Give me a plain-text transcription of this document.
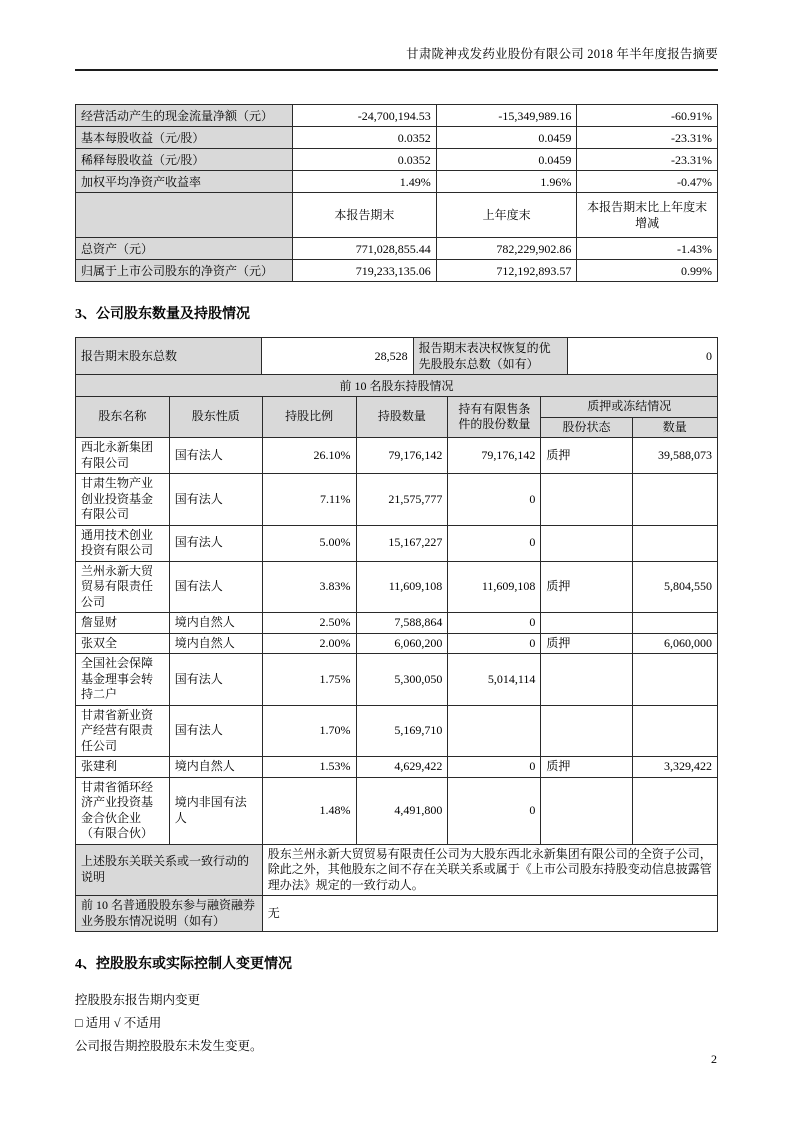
甘肃陇神戎发药业股份有限公司 2018 年半年度报告摘要
经营活动产生的现金流量净额（元）	-24,700,194.53	-15,349,989.16	-60.91%
基本每股收益（元/股）	0.0352	0.0459	-23.31%
稀释每股收益（元/股）	0.0352	0.0459	-23.31%
加权平均净资产收益率	1.49%	1.96%	-0.47%
	本报告期末	上年度末	本报告期末比上年度末增减
总资产（元）	771,028,855.44	782,229,902.86	-1.43%
归属于上市公司股东的净资产（元）	719,233,135.06	712,192,893.57	0.99%
3、公司股东数量及持股情况
报告期末股东总数	28,528	报告期末表决权恢复的优先股股东总数（如有）	0
前 10 名股东持股情况
股东名称	股东性质	持股比例	持股数量	持有有限售条件的股份数量	质押或冻结情况	
					股份状态	数量
西北永新集团有限公司	国有法人	26.10%	79,176,142	79,176,142	质押	39,588,073
甘肃生物产业创业投资基金有限公司	国有法人	7.11%	21,575,777	0		
通用技术创业投资有限公司	国有法人	5.00%	15,167,227	0		
兰州永新大贸贸易有限责任公司	国有法人	3.83%	11,609,108	11,609,108	质押	5,804,550
詹显财	境内自然人	2.50%	7,588,864	0		
张双全	境内自然人	2.00%	6,060,200	0	质押	6,060,000
全国社会保障基金理事会转持二户	国有法人	1.75%	5,300,050	5,014,114		
甘肃省新业资产经营有限责任公司	国有法人	1.70%	5,169,710			
张建利	境内自然人	1.53%	4,629,422	0	质押	3,329,422
甘肃省循环经济产业投资基金合伙企业（有限合伙）	境内非国有法人	1.48%	4,491,800	0		
上述股东关联关系或一致行动的说明		股东兰州永新大贸贸易有限责任公司为大股东西北永新集团有限公司的全资子公司，除此之外，其他股东之间不存在关联关系或属于《上市公司股东持股变动信息披露管理办法》规定的一致行动人。				
前 10 名普通股股东参与融资融券业务股东情况说明（如有）		无				
4、控股股东或实际控制人变更情况
控股股东报告期内变更
□ 适用 √ 不适用
公司报告期控股股东未发生变更。
2
